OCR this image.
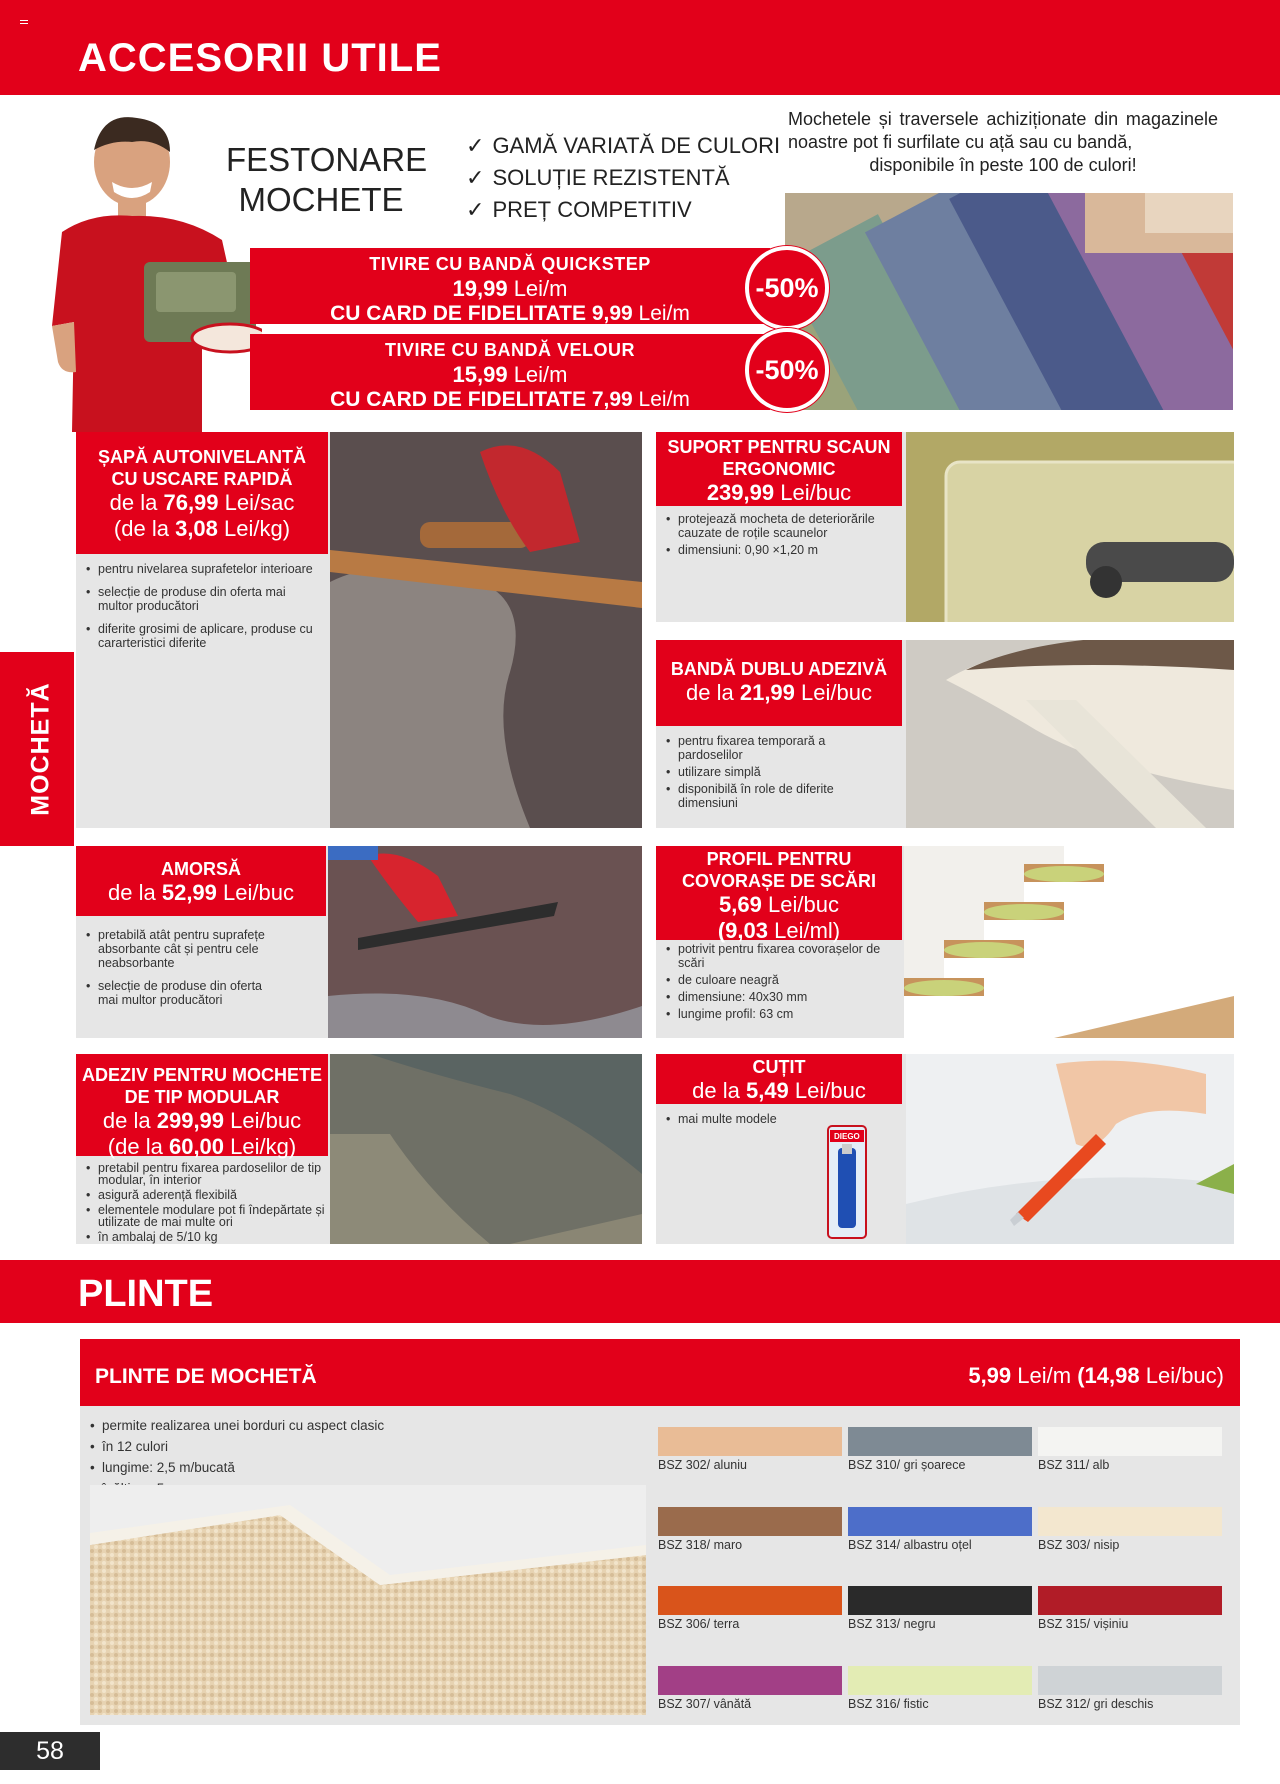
ACCESORII UTILE
FESTONARE
MOCHETE
✓ GAMĂ VARIATĂ DE CULORI
✓ SOLUȚIE REZISTENTĂ
✓ PREȚ COMPETITIV
Mochetele și traversele achiziționate din magazinele noastre pot fi surfilate cu ață sau cu bandă,
disponibile în peste 100 de culori!
TIVIRE CU BANDĂ QUICKSTEP
19,99 Lei/m
CU CARD DE FIDELITATE 9,99 Lei/m
-50%
TIVIRE CU BANDĂ VELOUR
15,99 Lei/m
CU CARD DE FIDELITATE 7,99 Lei/m
-50%
MOCHETĂ
ȘAPĂ AUTONIVELANTĂ
CU USCARE RAPIDĂ
de la 76,99 Lei/sac
(de la 3,08 Lei/kg)
• pentru nivelarea suprafetelor interioare
• selecție de produse din oferta mai multor producători
• diferite grosimi de aplicare, produse cu cararteristici diferite
SUPORT PENTRU SCAUN
ERGONOMIC
239,99 Lei/buc
• protejează mocheta de deteriorările cauzate de roțile scaunelor
• dimensiuni: 0,90 ×1,20 m
BANDĂ DUBLU ADEZIVĂ
de la 21,99 Lei/buc
• pentru fixarea temporară a pardoselilor
• utilizare simplă
• disponibilă în role de diferite dimensiuni
AMORSĂ
de la 52,99 Lei/buc
• pretabilă atât pentru suprafețe absorbante cât și pentru cele neabsorbante
• selecție de produse din oferta mai multor producători
PROFIL PENTRU
COVORAȘE DE SCĂRI
5,69 Lei/buc
(9,03 Lei/ml)
• potrivit pentru fixarea covorașelor de scări
• de culoare neagră
• dimensiune: 40x30 mm
• lungime profil: 63 cm
ADEZIV PENTRU MOCHETE
DE TIP MODULAR
de la 299,99 Lei/buc
(de la 60,00 Lei/kg)
• pretabil pentru fixarea pardoselilor de tip modular, în interior
• asigură aderență flexibilă
• elementele modulare pot fi îndepărtate și utilizate de mai multe ori
• în ambalaj de 5/10 kg
CUȚIT
de la 5,49 Lei/buc
• mai multe modele
DIEGO
PLINTE
PLINTE DE MOCHETĂ	5,99 Lei/m (14,98 Lei/buc)
• permite realizarea unei borduri cu aspect clasic
• în 12 culori
• lungime: 2,5 m/bucată
•	BSZ 302/ aluniu	BSZ 310/ gri șoarece	BSZ 311/ alb
BSZ 318/ maro	BSZ 314/ albastru oțel	BSZ 303/ nisip
BSZ 306/ terra	BSZ 313/ negru	BSZ 315/ vișiniu
BSZ 307/ vânătă	BSZ 316/ fistic	BSZ 312/ gri deschis
58
